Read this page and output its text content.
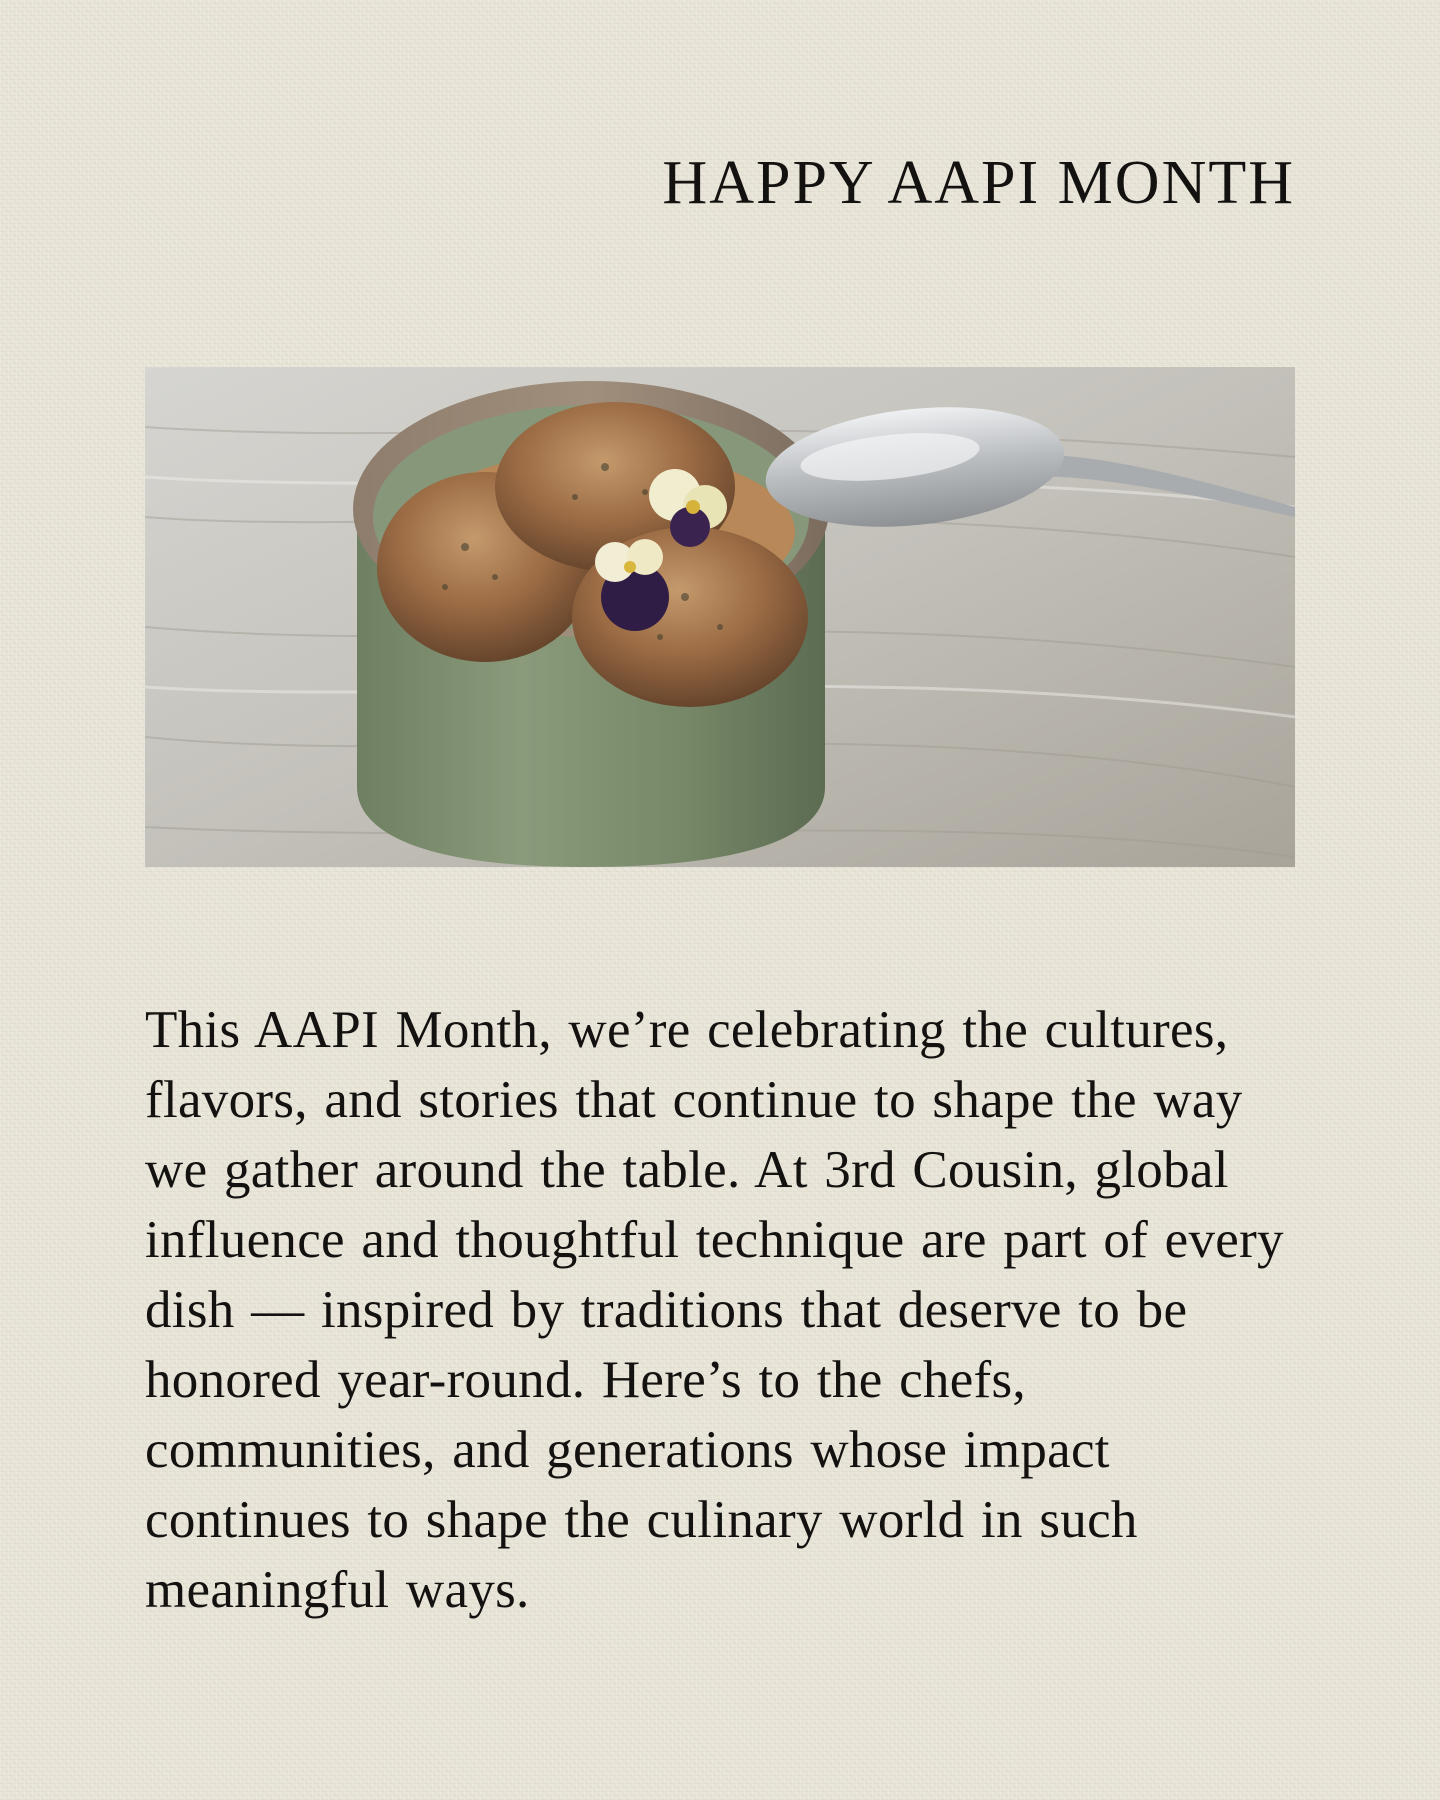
HAPPY AAPI MONTH

This AAPI Month, we’re celebrating the cultures, flavors, and stories that continue to shape the way we gather around the table. At 3rd Cousin, global influence and thoughtful technique are part of every dish — inspired by traditions that deserve to be honored year-round. Here’s to the chefs, communities, and generations whose impact continues to shape the culinary world in such meaningful ways.
